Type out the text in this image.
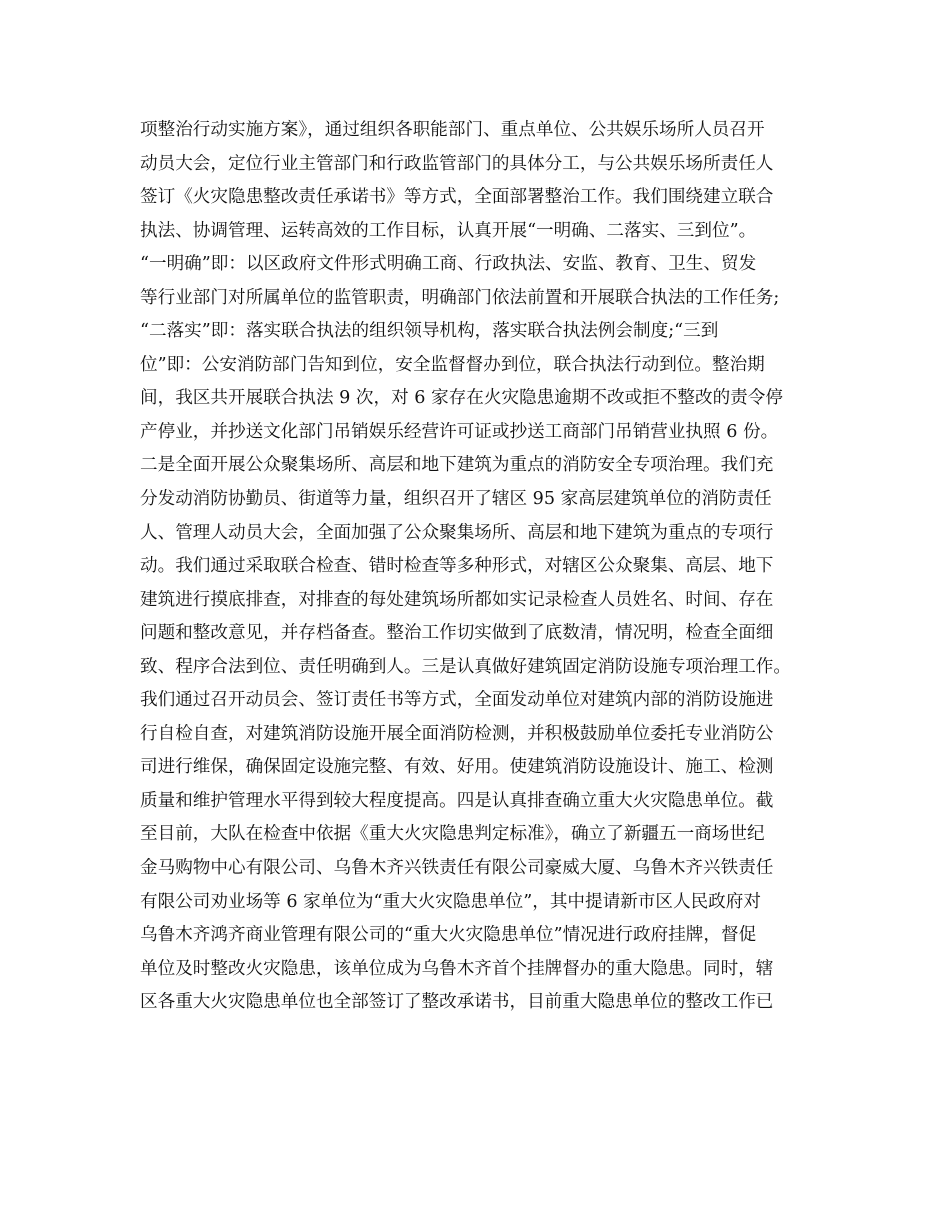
项整治行动实施方案》，通过组织各职能部门、重点单位、公共娱乐场所人员召开
动员大会，定位行业主管部门和行政监管部门的具体分工，与公共娱乐场所责任人
签订《火灾隐患整改责任承诺书》等方式，全面部署整治工作。我们围绕建立联合
执法、协调管理、运转高效的工作目标，认真开展“一明确、二落实、三到位”。
“一明确”即：以区政府文件形式明确工商、行政执法、安监、教育、卫生、贸发
等行业部门对所属单位的监管职责，明确部门依法前置和开展联合执法的工作任务;
“二落实”即：落实联合执法的组织领导机构，落实联合执法例会制度;“三到
位”即：公安消防部门告知到位，安全监督督办到位，联合执法行动到位。整治期
间，我区共开展联合执法 9 次，对 6 家存在火灾隐患逾期不改或拒不整改的责令停
产停业，并抄送文化部门吊销娱乐经营许可证或抄送工商部门吊销营业执照 6 份。
二是全面开展公众聚集场所、高层和地下建筑为重点的消防安全专项治理。我们充
分发动消防协勤员、街道等力量，组织召开了辖区 95 家高层建筑单位的消防责任
人、管理人动员大会，全面加强了公众聚集场所、高层和地下建筑为重点的专项行
动。我们通过采取联合检查、错时检查等多种形式，对辖区公众聚集、高层、地下
建筑进行摸底排查，对排查的每处建筑场所都如实记录检查人员姓名、时间、存在
问题和整改意见，并存档备查。整治工作切实做到了底数清，情况明，检查全面细
致、程序合法到位、责任明确到人。三是认真做好建筑固定消防设施专项治理工作。
我们通过召开动员会、签订责任书等方式，全面发动单位对建筑内部的消防设施进
行自检自查，对建筑消防设施开展全面消防检测，并积极鼓励单位委托专业消防公
司进行维保，确保固定设施完整、有效、好用。使建筑消防设施设计、施工、检测
质量和维护管理水平得到较大程度提高。四是认真排查确立重大火灾隐患单位。截
至目前，大队在检查中依据《重大火灾隐患判定标准》，确立了新疆五一商场世纪
金马购物中心有限公司、乌鲁木齐兴铁责任有限公司豪威大厦、乌鲁木齐兴铁责任
有限公司劝业场等 6 家单位为“重大火灾隐患单位”，其中提请新市区人民政府对
乌鲁木齐鸿齐商业管理有限公司的“重大火灾隐患单位”情况进行政府挂牌，督促
单位及时整改火灾隐患，该单位成为乌鲁木齐首个挂牌督办的重大隐患。同时，辖
区各重大火灾隐患单位也全部签订了整改承诺书，目前重大隐患单位的整改工作已
